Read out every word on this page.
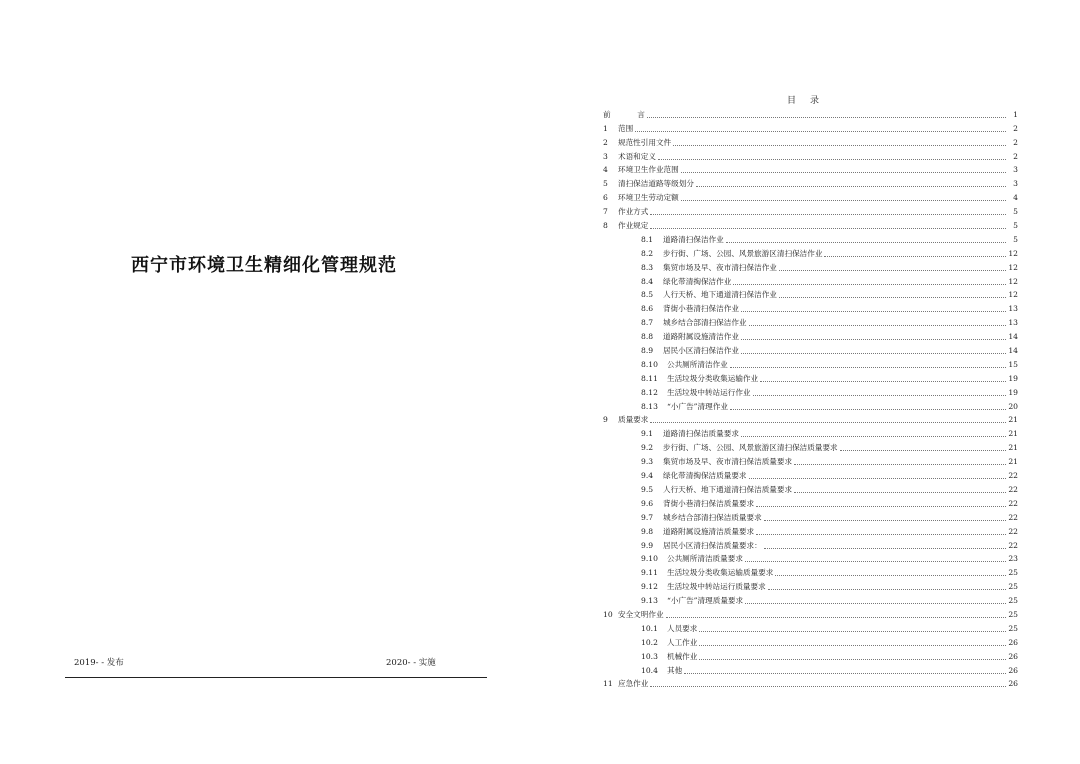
西宁市环境卫生精细化管理规范
2019- - 发布	2020- - 实施
目录
前 言	1
1	范围	2
2	规范性引用文件	2
3	术语和定义	2
4	环境卫生作业范围	3
5	清扫保洁道路等级划分	3
6	环境卫生劳动定额	4
7	作业方式	5
8	作业规定	5
8.1	道路清扫保洁作业	5
8.2	步行街、广场、公园、风景旅游区清扫保洁作业	12
8.3	集贸市场及早、夜市清扫保洁作业	12
8.4	绿化带清掏保洁作业	12
8.5	人行天桥、地下通道清扫保洁作业	12
8.6	背街小巷清扫保洁作业	13
8.7	城乡结合部清扫保洁作业	13
8.8	道路附属设施清洁作业	14
8.9	居民小区清扫保洁作业	14
8.10	公共厕所清洁作业	15
8.11	生活垃圾分类收集运输作业	19
8.12	生活垃圾中转站运行作业	19
8.13	“小广告”清理作业	20
9	质量要求	21
9.1	道路清扫保洁质量要求	21
9.2	步行街、广场、公园、风景旅游区清扫保洁质量要求	21
9.3	集贸市场及早、夜市清扫保洁质量要求	21
9.4	绿化带清掏保洁质量要求	22
9.5	人行天桥、地下通道清扫保洁质量要求	22
9.6	背街小巷清扫保洁质量要求	22
9.7	城乡结合部清扫保洁质量要求	22
9.8	道路附属设施清洁质量要求	22
9.9	居民小区清扫保洁质量要求：	22
9.10	公共厕所清洁质量要求	23
9.11	生活垃圾分类收集运输质量要求	25
9.12	生活垃圾中转站运行质量要求	25
9.13	“小广告”清理质量要求	25
10 安全文明作业	25
10.1	人员要求	25
10.2	人工作业	26
10.3	机械作业	26
10.4	其他	26
11 应急作业	26
